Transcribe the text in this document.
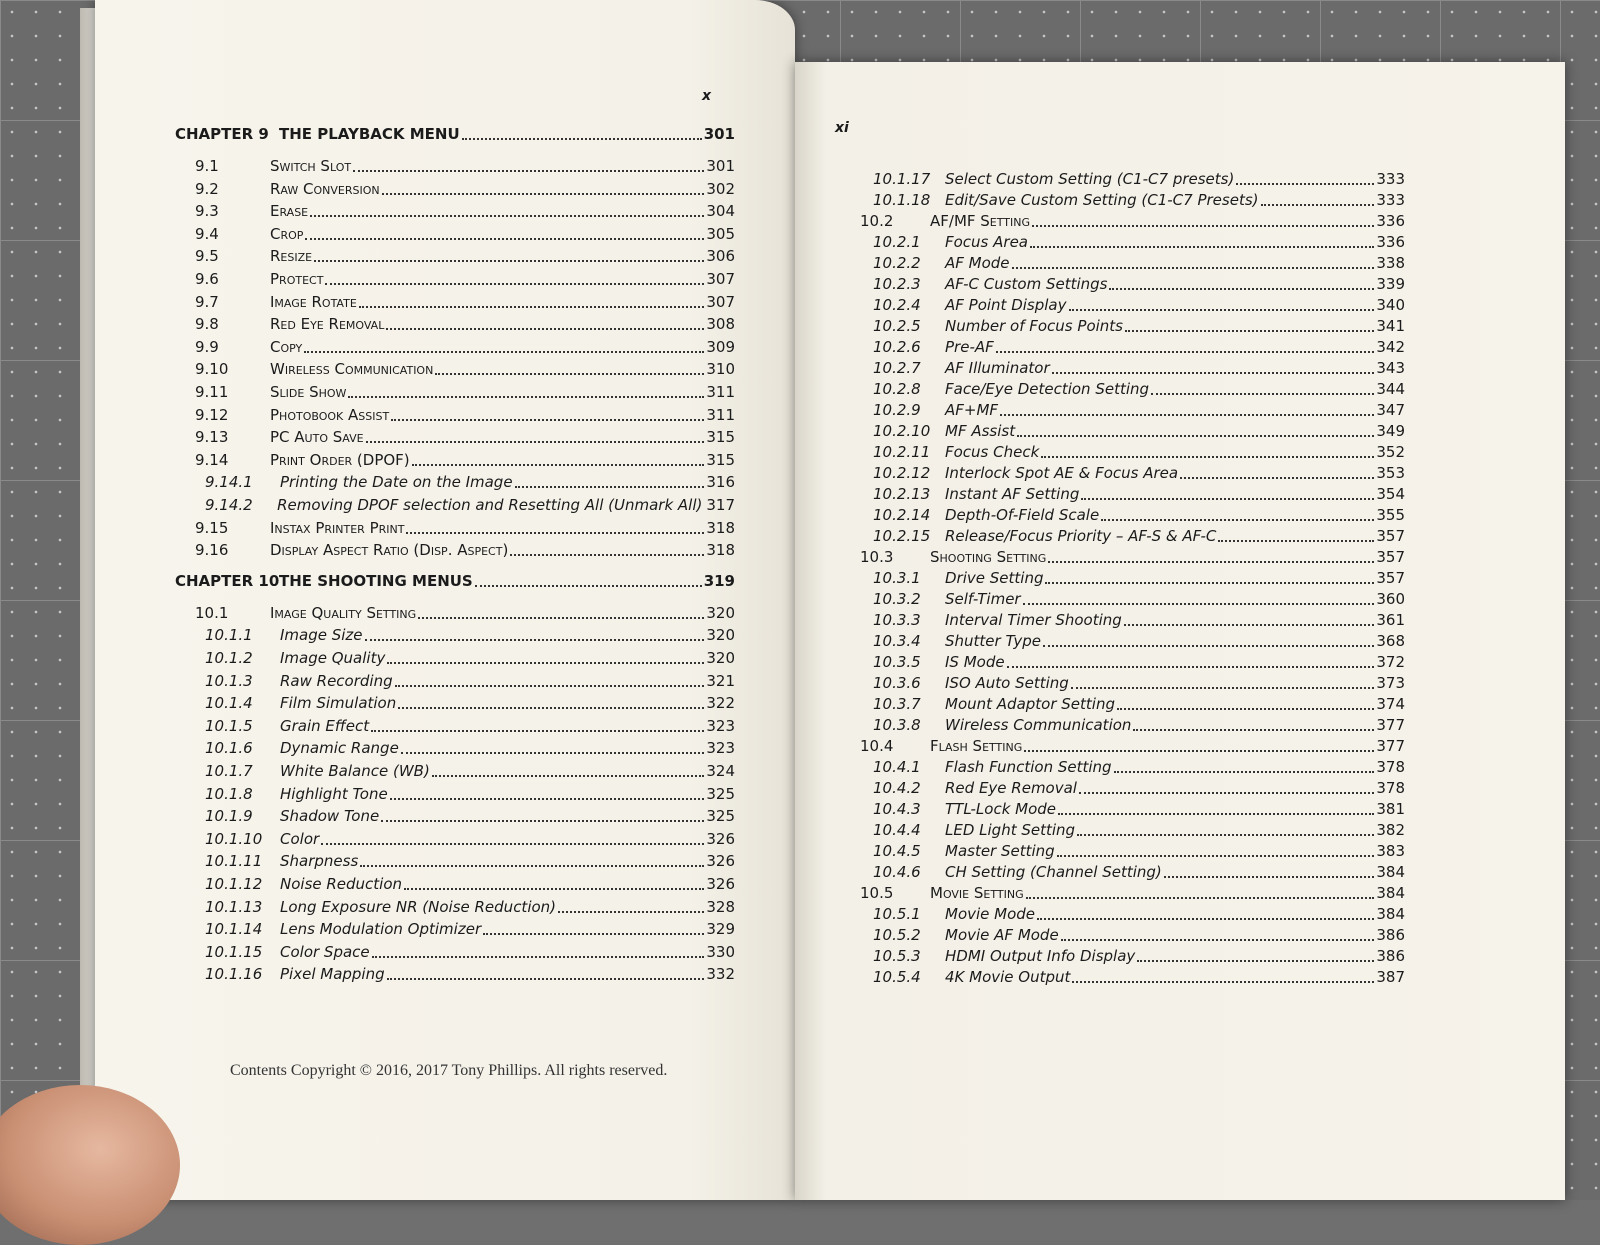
x
CHAPTER 9 THE PLAYBACK MENU	301
9.1	Switch Slot	301
9.2	Raw Conversion	302
9.3	Erase	304
9.4	Crop	305
9.5	Resize	306
9.6	Protect	307
9.7	Image Rotate	307
9.8	Red Eye Removal	308
9.9	Copy	309
9.10	Wireless Communication	310
9.11	Slide Show	311
9.12	Photobook Assist	311
9.13	PC Auto Save	315
9.14	Print Order (DPOF)	315
9.14.1	Printing the Date on the Image	316
9.14.2	Removing DPOF selection and Resetting All (Unmark All) 317
9.15	Instax Printer Print	318
9.16	Display Aspect Ratio (Disp. Aspect)	318
CHAPTER 10 THE SHOOTING MENUS	319
10.1	Image Quality Setting	320
10.1.1	Image Size	320
10.1.2	Image Quality	320
10.1.3	Raw Recording	321
10.1.4	Film Simulation	322
10.1.5	Grain Effect	323
10.1.6	Dynamic Range	323
10.1.7	White Balance (WB)	324
10.1.8	Highlight Tone	325
10.1.9	Shadow Tone	325
10.1.10	Color	326
10.1.11	Sharpness	326
10.1.12	Noise Reduction	326
10.1.13	Long Exposure NR (Noise Reduction)	328
10.1.14	Lens Modulation Optimizer	329
10.1.15	Color Space	330
10.1.16	Pixel Mapping	332
Contents Copyright © 2016, 2017 Tony Phillips. All rights reserved.
xi
10.1.17 Select Custom Setting (C1-C7 presets)	333
10.1.18 Edit/Save Custom Setting (C1-C7 Presets)	333
10.2	AF/MF Setting	336
10.2.1	Focus Area	336
10.2.2	AF Mode	338
10.2.3	AF-C Custom Settings	339
10.2.4	AF Point Display	340
10.2.5	Number of Focus Points	341
10.2.6	Pre-AF	342
10.2.7	AF Illuminator	343
10.2.8	Face/Eye Detection Setting	344
10.2.9	AF+MF	347
10.2.10 MF Assist	349
10.2.11 Focus Check	352
10.2.12 Interlock Spot AE & Focus Area	353
10.2.13 Instant AF Setting	354
10.2.14 Depth-Of-Field Scale	355
10.2.15 Release/Focus Priority – AF-S & AF-C	357
10.3	Shooting Setting	357
10.3.1	Drive Setting	357
10.3.2	Self-Timer	360
10.3.3	Interval Timer Shooting	361
10.3.4	Shutter Type	368
10.3.5	IS Mode	372
10.3.6	ISO Auto Setting	373
10.3.7	Mount Adaptor Setting	374
10.3.8	Wireless Communication	377
10.4	Flash Setting	377
10.4.1	Flash Function Setting	378
10.4.2	Red Eye Removal	378
10.4.3	TTL-Lock Mode	381
10.4.4	LED Light Setting	382
10.4.5	Master Setting	383
10.4.6	CH Setting (Channel Setting)	384
10.5	Movie Setting	384
10.5.1	Movie Mode	384
10.5.2	Movie AF Mode	386
10.5.3	HDMI Output Info Display	386
10.5.4	4K Movie Output	387
